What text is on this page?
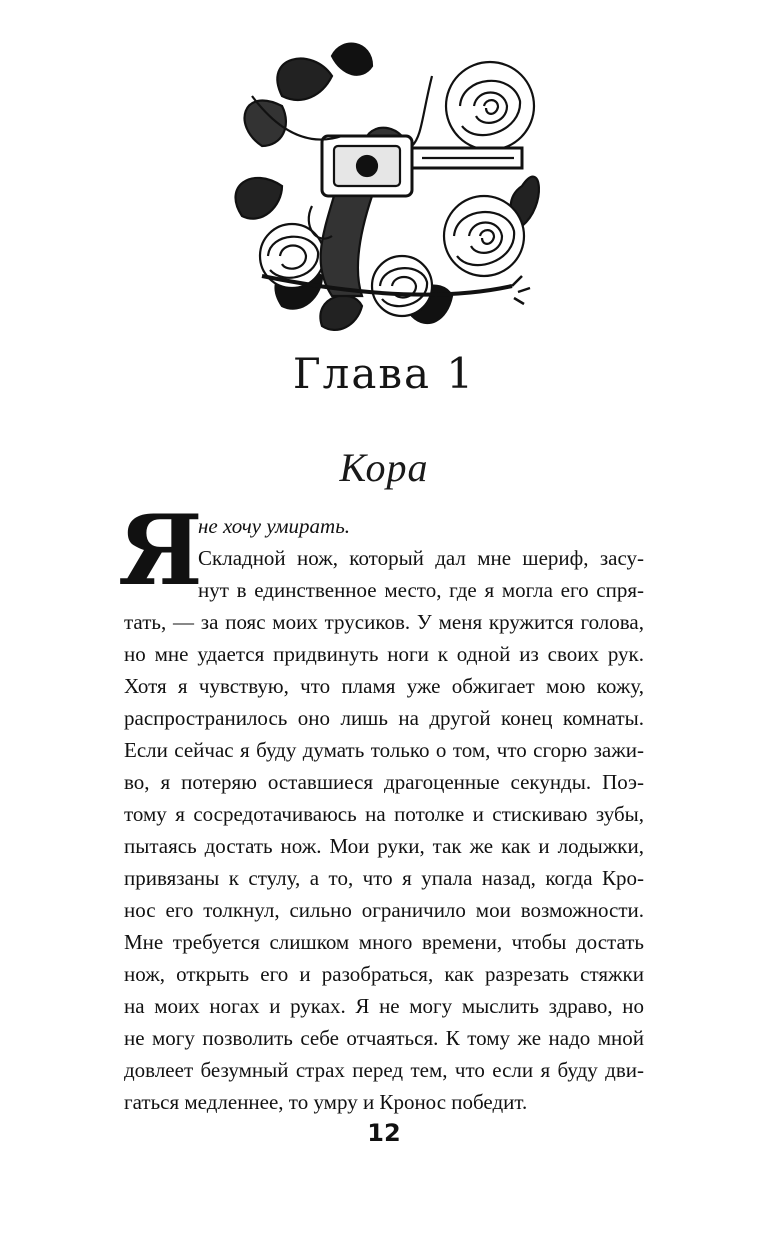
Глава 1
Кора
Я
не хочу умирать.
Складной нож, который дал мне шериф, засу-
нут в единственное место, где я могла его спря-
тать, — за пояс моих трусиков. У меня кружится голова,
но мне удается придвинуть ноги к одной из своих рук.
Хотя я чувствую, что пламя уже обжигает мою кожу,
распространилось оно лишь на другой конец комнаты.
Если сейчас я буду думать только о том, что сгорю зажи-
во, я потеряю оставшиеся драгоценные секунды. Поэ-
тому я сосредотачиваюсь на потолке и стискиваю зубы,
пытаясь достать нож. Мои руки, так же как и лодыжки,
привязаны к стулу, а то, что я упала назад, когда Кро-
нос его толкнул, сильно ограничило мои возможности.
Мне требуется слишком много времени, чтобы достать
нож, открыть его и разобраться, как разрезать стяжки
на моих ногах и руках. Я не могу мыслить здраво, но
не могу позволить себе отчаяться. К тому же надо мной
довлеет безумный страх перед тем, что если я буду дви-
гаться медленнее, то умру и Кронос победит.
12
